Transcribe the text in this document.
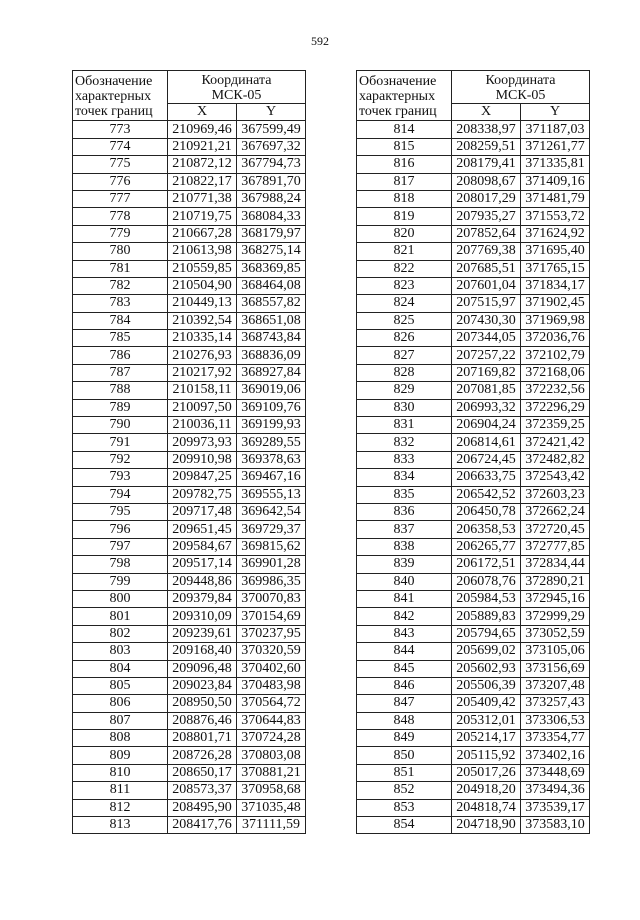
592
Обозначение характерных точек границ	Координата
МСК-05	
	X	Y
773	210969,46	367599,49
774	210921,21	367697,32
775	210872,12	367794,73
776	210822,17	367891,70
777	210771,38	367988,24
778	210719,75	368084,33
779	210667,28	368179,97
780	210613,98	368275,14
781	210559,85	368369,85
782	210504,90	368464,08
783	210449,13	368557,82
784	210392,54	368651,08
785	210335,14	368743,84
786	210276,93	368836,09
787	210217,92	368927,84
788	210158,11	369019,06
789	210097,50	369109,76
790	210036,11	369199,93
791	209973,93	369289,55
792	209910,98	369378,63
793	209847,25	369467,16
794	209782,75	369555,13
795	209717,48	369642,54
796	209651,45	369729,37
797	209584,67	369815,62
798	209517,14	369901,28
799	209448,86	369986,35
800	209379,84	370070,83
801	209310,09	370154,69
802	209239,61	370237,95
803	209168,40	370320,59
804	209096,48	370402,60
805	209023,84	370483,98
806	208950,50	370564,72
807	208876,46	370644,83
808	208801,71	370724,28
809	208726,28	370803,08
810	208650,17	370881,21
811	208573,37	370958,68
812	208495,90	371035,48
813	208417,76	371111,59
Обозначение характерных точек границ	Координата
МСК-05	
	X	Y
814	208338,97	371187,03
815	208259,51	371261,77
816	208179,41	371335,81
817	208098,67	371409,16
818	208017,29	371481,79
819	207935,27	371553,72
820	207852,64	371624,92
821	207769,38	371695,40
822	207685,51	371765,15
823	207601,04	371834,17
824	207515,97	371902,45
825	207430,30	371969,98
826	207344,05	372036,76
827	207257,22	372102,79
828	207169,82	372168,06
829	207081,85	372232,56
830	206993,32	372296,29
831	206904,24	372359,25
832	206814,61	372421,42
833	206724,45	372482,82
834	206633,75	372543,42
835	206542,52	372603,23
836	206450,78	372662,24
837	206358,53	372720,45
838	206265,77	372777,85
839	206172,51	372834,44
840	206078,76	372890,21
841	205984,53	372945,16
842	205889,83	372999,29
843	205794,65	373052,59
844	205699,02	373105,06
845	205602,93	373156,69
846	205506,39	373207,48
847	205409,42	373257,43
848	205312,01	373306,53
849	205214,17	373354,77
850	205115,92	373402,16
851	205017,26	373448,69
852	204918,20	373494,36
853	204818,74	373539,17
854	204718,90	373583,10
